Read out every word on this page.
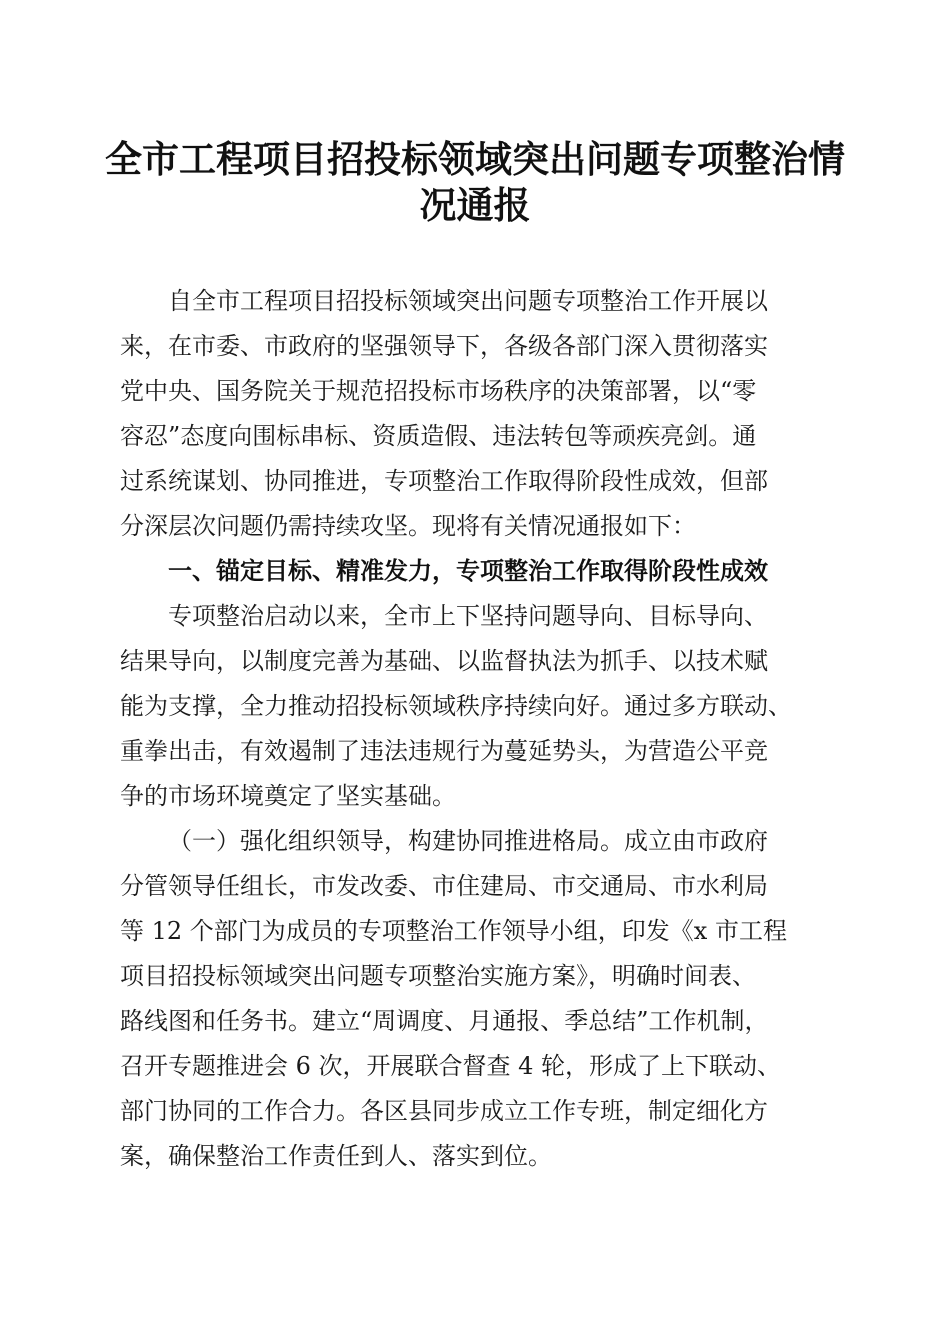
全市工程项目招投标领域突出问题专项整治情
况通报
自全市工程项目招投标领域突出问题专项整治工作开展以
来，在市委、市政府的坚强领导下，各级各部门深入贯彻落实
党中央、国务院关于规范招投标市场秩序的决策部署，以“零
容忍”态度向围标串标、资质造假、违法转包等顽疾亮剑。通
过系统谋划、协同推进，专项整治工作取得阶段性成效，但部
分深层次问题仍需持续攻坚。现将有关情况通报如下：
一、锚定目标、精准发力，专项整治工作取得阶段性成效
专项整治启动以来，全市上下坚持问题导向、目标导向、
结果导向，以制度完善为基础、以监督执法为抓手、以技术赋
能为支撑，全力推动招投标领域秩序持续向好。通过多方联动、
重拳出击，有效遏制了违法违规行为蔓延势头，为营造公平竞
争的市场环境奠定了坚实基础。
（一）强化组织领导，构建协同推进格局。成立由市政府
分管领导任组长，市发改委、市住建局、市交通局、市水利局
等 12 个部门为成员的专项整治工作领导小组，印发《x 市工程
项目招投标领域突出问题专项整治实施方案》，明确时间表、
路线图和任务书。建立“周调度、月通报、季总结”工作机制，
召开专题推进会 6 次，开展联合督查 4 轮，形成了上下联动、
部门协同的工作合力。各区县同步成立工作专班，制定细化方
案，确保整治工作责任到人、落实到位。
